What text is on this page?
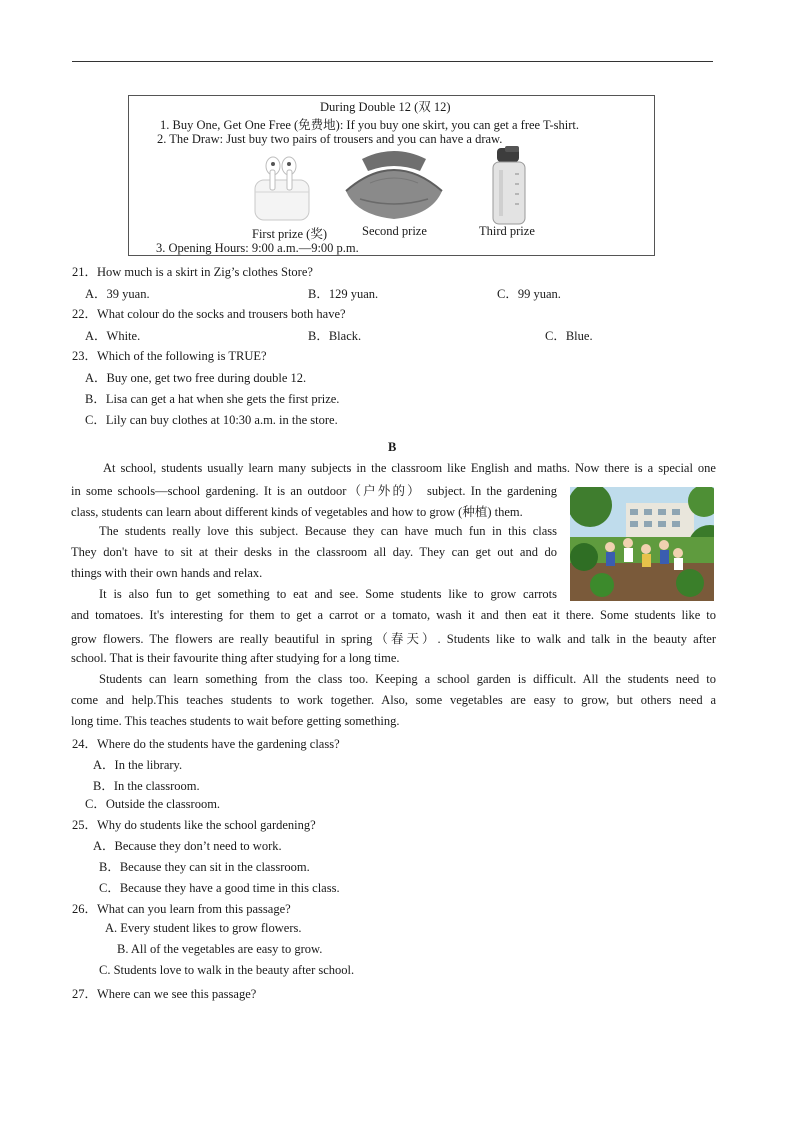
During Double 12 (双 12)
1. Buy One, Get One Free (免费地): If you buy one skirt, you can get a free T-shirt.
2. The Draw: Just buy two pairs of trousers and you can have a draw.
First prize (奖)	Second prize	Third prize
3. Opening Hours: 9:00 a.m.—9:00 p.m.
21．How much is a skirt in Zig’s clothes Store?
A．39 yuan.	B．129 yuan.	C．99 yuan.
22．What colour do the socks and trousers both have?
A．White.	B．Black.	C．Blue.
23．Which of the following is TRUE?
A．Buy one, get two free during double 12.
B．Lisa can get a hat when she gets the first prize.
C．Lily can buy clothes at 10:30 a.m. in the store.
B
At school, students usually learn many subjects in the classroom like English and maths. Now there is a special one
in some schools—school gardening. It is an outdoor（户外的） subject. In the gardening
class, students can learn about different kinds of vegetables and how to grow (种植) them.
The students really love this subject. Because they can have much fun in this class
They don't have to sit at their desks in the classroom all day. They can get out and do
things with their own hands and relax.
It is also fun to get something to eat and see. Some students like to grow carrots
and tomatoes. It's interesting for them to get a carrot or a tomato, wash it and then eat it there. Some students like to
grow flowers. The flowers are really beautiful in spring（春天）. Students like to walk and talk in the beauty after
school. That is their favourite thing after studying for a long time.
Students can learn something from the class too. Keeping a school garden is difficult. All the students need to
come and help.This teaches students to work together. Also, some vegetables are easy to grow, but others need a
long time. This teaches students to wait before getting something.
24．Where do the students have the gardening class?
A．In the library.
B．In the classroom.
C．Outside the classroom.
25．Why do students like the school gardening?
A．Because they don’t need to work.
B．Because they can sit in the classroom.
C．Because they have a good time in this class.
26．What can you learn from this passage?
A. Every student likes to grow flowers.
B. All of the vegetables are easy to grow.
C. Students love to walk in the beauty after school.
27．Where can we see this passage?
